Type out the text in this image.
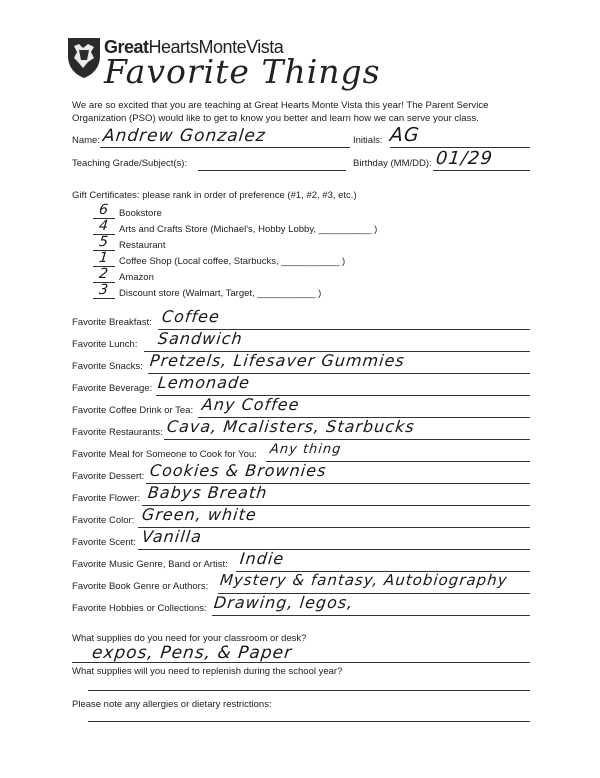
GreatHeartsMonteVista
Favorite Things
We are so excited that you are teaching at Great Hearts Monte Vista this year! The Parent Service Organization (PSO) would like to get to know you better and learn how we can serve your class.
Name: Andrew Gonzalez	Initials: AG
Teaching Grade/Subject(s):	Birthday (MM/DD): 01/29
Gift Certificates: please rank in order of preference (#1, #2, #3, etc.)
6 Bookstore
4 Arts and Crafts Store (Michael's, Hobby Lobby, __________ )
5 Restaurant
1 Coffee Shop (Local coffee, Starbucks, ___________ )
2 Amazon
3 Discount store (Walmart, Target, ___________ )
Favorite Breakfast: Coffee
Favorite Lunch: Sandwich
Favorite Snacks: Pretzels, Lifesaver Gummies
Favorite Beverage: Lemonade
Favorite Coffee Drink or Tea: Any Coffee
Favorite Restaurants: Cava, Mcalisters, Starbucks
Favorite Meal for Someone to Cook for You: Any thing
Favorite Dessert: Cookies & Brownies
Favorite Flower: Babys Breath
Favorite Color: Green, white
Favorite Scent: Vanilla
Favorite Music Genre, Band or Artist: Indie
Favorite Book Genre or Authors: Mystery & fantasy, Autobiography
Favorite Hobbies or Collections: Drawing, legos,
What supplies do you need for your classroom or desk?
expos, Pens, & Paper
What supplies will you need to replenish during the school year?
Please note any allergies or dietary restrictions:
